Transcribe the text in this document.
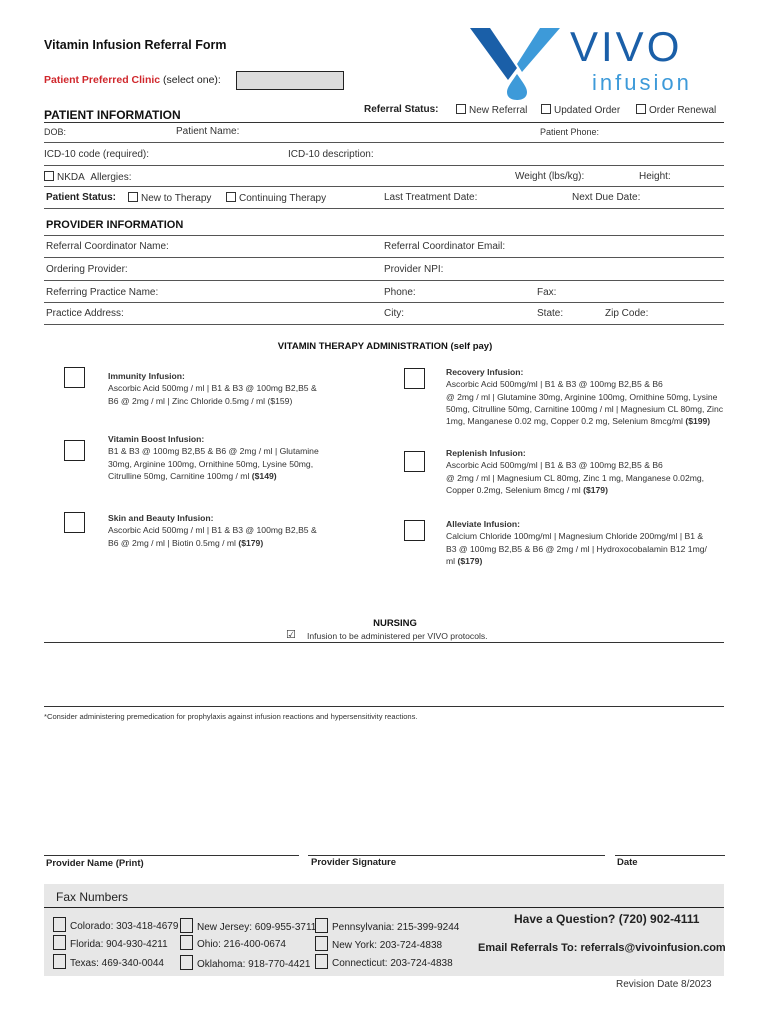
Vitamin Infusion Referral Form	VIVO
infusion
Patient Preferred Clinic (select one):
PATIENT INFORMATION	Referral Status:	New Referral	Updated Order	Order Renewal
DOB:	Patient Name:	Patient Phone:
ICD-10 code (required):	ICD-10 description:
NKDA Allergies:	Weight (lbs/kg):	Height:
Patient Status:	New to Therapy	Continuing Therapy	Last Treatment Date:	Next Due Date:
PROVIDER INFORMATION
Referral Coordinator Name:	Referral Coordinator Email:
Ordering Provider:	Provider NPI:
Referring Practice Name:	Phone:	Fax:
Practice Address:	City:	State:	Zip Code:
VITAMIN THERAPY ADMINISTRATION (self pay)
Immunity Infusion:
Ascorbic Acid 500mg / ml | B1 & B3 @ 100mg B2,B5 &
B6 @ 2mg / ml | Zinc Chloride 0.5mg / ml ($159)
Vitamin Boost Infusion:
B1 & B3 @ 100mg B2,B5 & B6 @ 2mg / ml | Glutamine
30mg, Arginine 100mg, Ornithine 50mg, Lysine 50mg,
Citrulline 50mg, Carnitine 100mg / ml ($149)
Skin and Beauty Infusion:
Ascorbic Acid 500mg / ml | B1 & B3 @ 100mg B2,B5 &
B6 @ 2mg / ml | Biotin 0.5mg / ml ($179)
Recovery Infusion:
Ascorbic Acid 500mg/ml | B1 & B3 @ 100mg B2,B5 & B6
@ 2mg / ml | Glutamine 30mg, Arginine 100mg, Ornithine 50mg, Lysine
50mg, Citrulline 50mg, Carnitine 100mg / ml | Magnesium CL 80mg, Zinc
1mg, Manganese 0.02 mg, Copper 0.2 mg, Selenium 8mcg/ml ($199)
Replenish Infusion:
Ascorbic Acid 500mg/ml | B1 & B3 @ 100mg B2,B5 & B6
@ 2mg / ml | Magnesium CL 80mg, Zinc 1 mg, Manganese 0.02mg,
Copper 0.2mg, Selenium 8mcg / ml ($179)
Alleviate Infusion:
Calcium Chloride 100mg/ml | Magnesium Chloride 200mg/ml | B1 &
B3 @ 100mg B2,B5 & B6 @ 2mg / ml | Hydroxocobalamin B12 1mg/
ml ($179)
NURSING
☑ Infusion to be administered per VIVO protocols.
*Consider administering premedication for prophylaxis against infusion reactions and hypersensitivity reactions.
Provider Name (Print)	Provider Signature	Date
Fax Numbers
Colorado: 303-418-4679
Florida: 904-930-4211
Texas: 469-340-0044
New Jersey: 609-955-3711
Ohio: 216-400-0674
Oklahoma: 918-770-4421
Pennsylvania: 215-399-9244
New York: 203-724-4838
Connecticut: 203-724-4838
Have a Question? (720) 902-4111
Email Referrals To: referrals@vivoinfusion.com
Revision Date 8/2023
